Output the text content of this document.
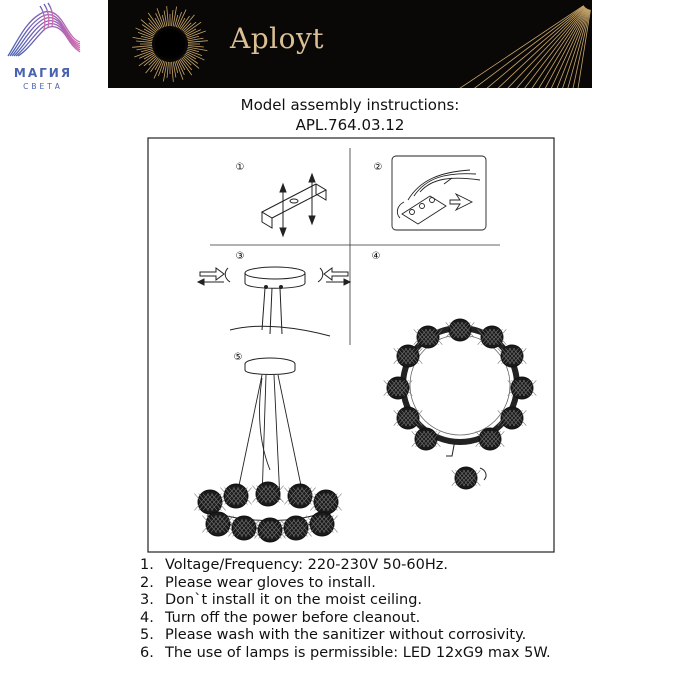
МАГИЯ
СВЕТА
Aployt
Model assembly instructions:
APL.764.03.12
①	②
③	④
⑤
1. Voltage/Frequency: 220-230V 50-60Hz.
2. Please wear gloves to install.
3. Don`t install it on the moist ceiling.
4. Turn off the power before cleanout.
5. Please wash with the sanitizer without corrosivity.
6. The use of lamps is permissible: LED 12xG9 max 5W.
